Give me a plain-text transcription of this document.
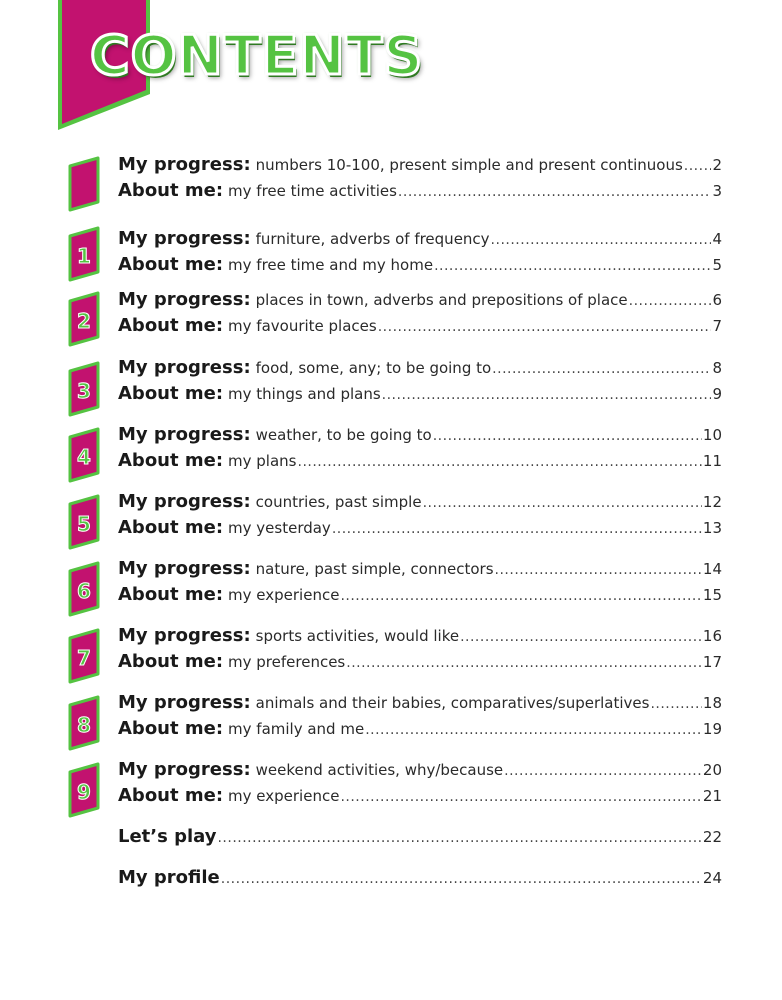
CONTENTS
1
2
3
4
5
6
7
8
9
My progress: numbers 10-100, present simple and present continuous ..... 2
About me: my free time activities .....	3
My progress: furniture, adverbs of frequency .....	4
About me: my free time and my home .....	5
My progress: places in town, adverbs and prepositions of place .....	6
About me: my favourite places .....	7
My progress: food, some, any; to be going to .....	8
About me: my things and plans .....	9
My progress: weather, to be going to .....	10
About me: my plans .....	11
My progress: countries, past simple .....	12
About me: my yesterday .....	13
My progress: nature, past simple, connectors .....	14
About me: my experience .....	15
My progress: sports activities, would like .....	16
About me: my preferences .....	17
My progress: animals and their babies, comparatives/superlatives .....	18
About me: my family and me .....	19
My progress: weekend activities, why/because .....	20
About me: my experience .....	21
Let’s play .....	22
My profile .....	24
